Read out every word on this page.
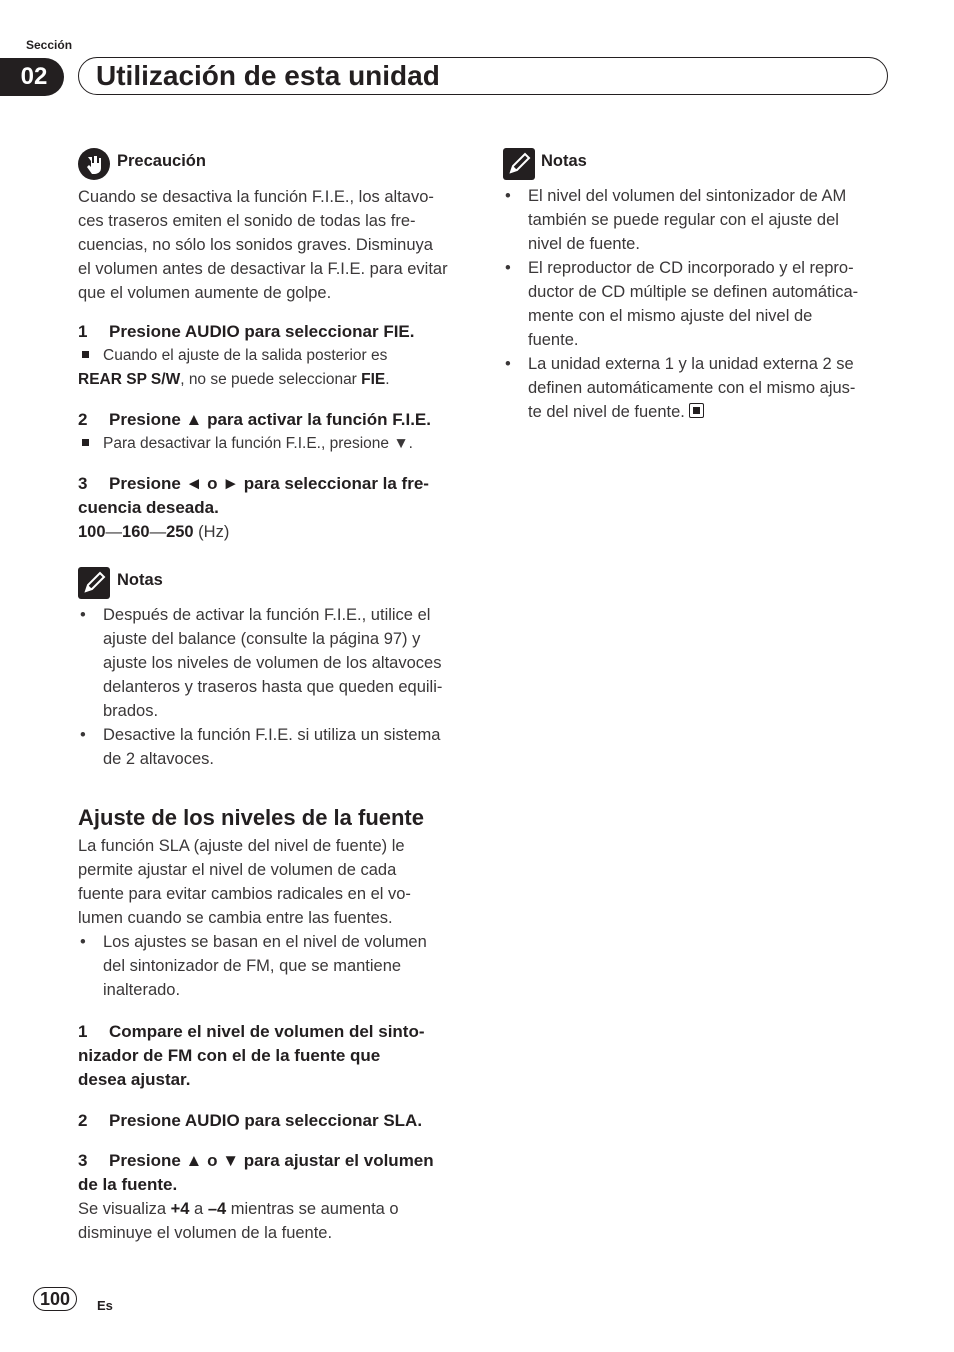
Sección
02	Utilización de esta unidad
Precaución

Cuando se desactiva la función F.I.E., los altavo-

ces traseros emiten el sonido de todas las fre-

cuencias, no sólo los sonidos graves. Disminuya

el volumen antes de desactivar la F.I.E. para evitar

que el volumen aumente de golpe.

1 Presione AUDIO para seleccionar FIE.

Cuando el ajuste de la salida posterior es

REAR SP S/W, no se puede seleccionar FIE.

2 Presione ▲ para activar la función F.I.E.

Para desactivar la función F.I.E., presione ▼.

3 Presione ◄ o ► para seleccionar la fre-

cuencia deseada.

100—160—250 (Hz)

Notas

• Después de activar la función F.I.E., utilice el

ajuste del balance (consulte la página 97) y

ajuste los niveles de volumen de los altavoces

delanteros y traseros hasta que queden equili-

brados.

• Desactive la función F.I.E. si utiliza un sistema

de 2 altavoces.

Ajuste de los niveles de la fuente

La función SLA (ajuste del nivel de fuente) le

permite ajustar el nivel de volumen de cada

fuente para evitar cambios radicales en el vo-

lumen cuando se cambia entre las fuentes.

• Los ajustes se basan en el nivel de volumen

del sintonizador de FM, que se mantiene

inalterado.

1 Compare el nivel de volumen del sinto-

nizador de FM con el de la fuente que

desea ajustar.

2 Presione AUDIO para seleccionar SLA.

3 Presione ▲ o ▼ para ajustar el volumen

de la fuente.

Se visualiza +4 a –4 mientras se aumenta o

disminuye el volumen de la fuente.

Notas

• El nivel del volumen del sintonizador de AM

también se puede regular con el ajuste del

nivel de fuente.

• El reproductor de CD incorporado y el repro-

ductor de CD múltiple se definen automática-

mente con el mismo ajuste del nivel de

fuente.

• La unidad externa 1 y la unidad externa 2 se

definen automáticamente con el mismo ajus-

te del nivel de fuente.

100	Es
